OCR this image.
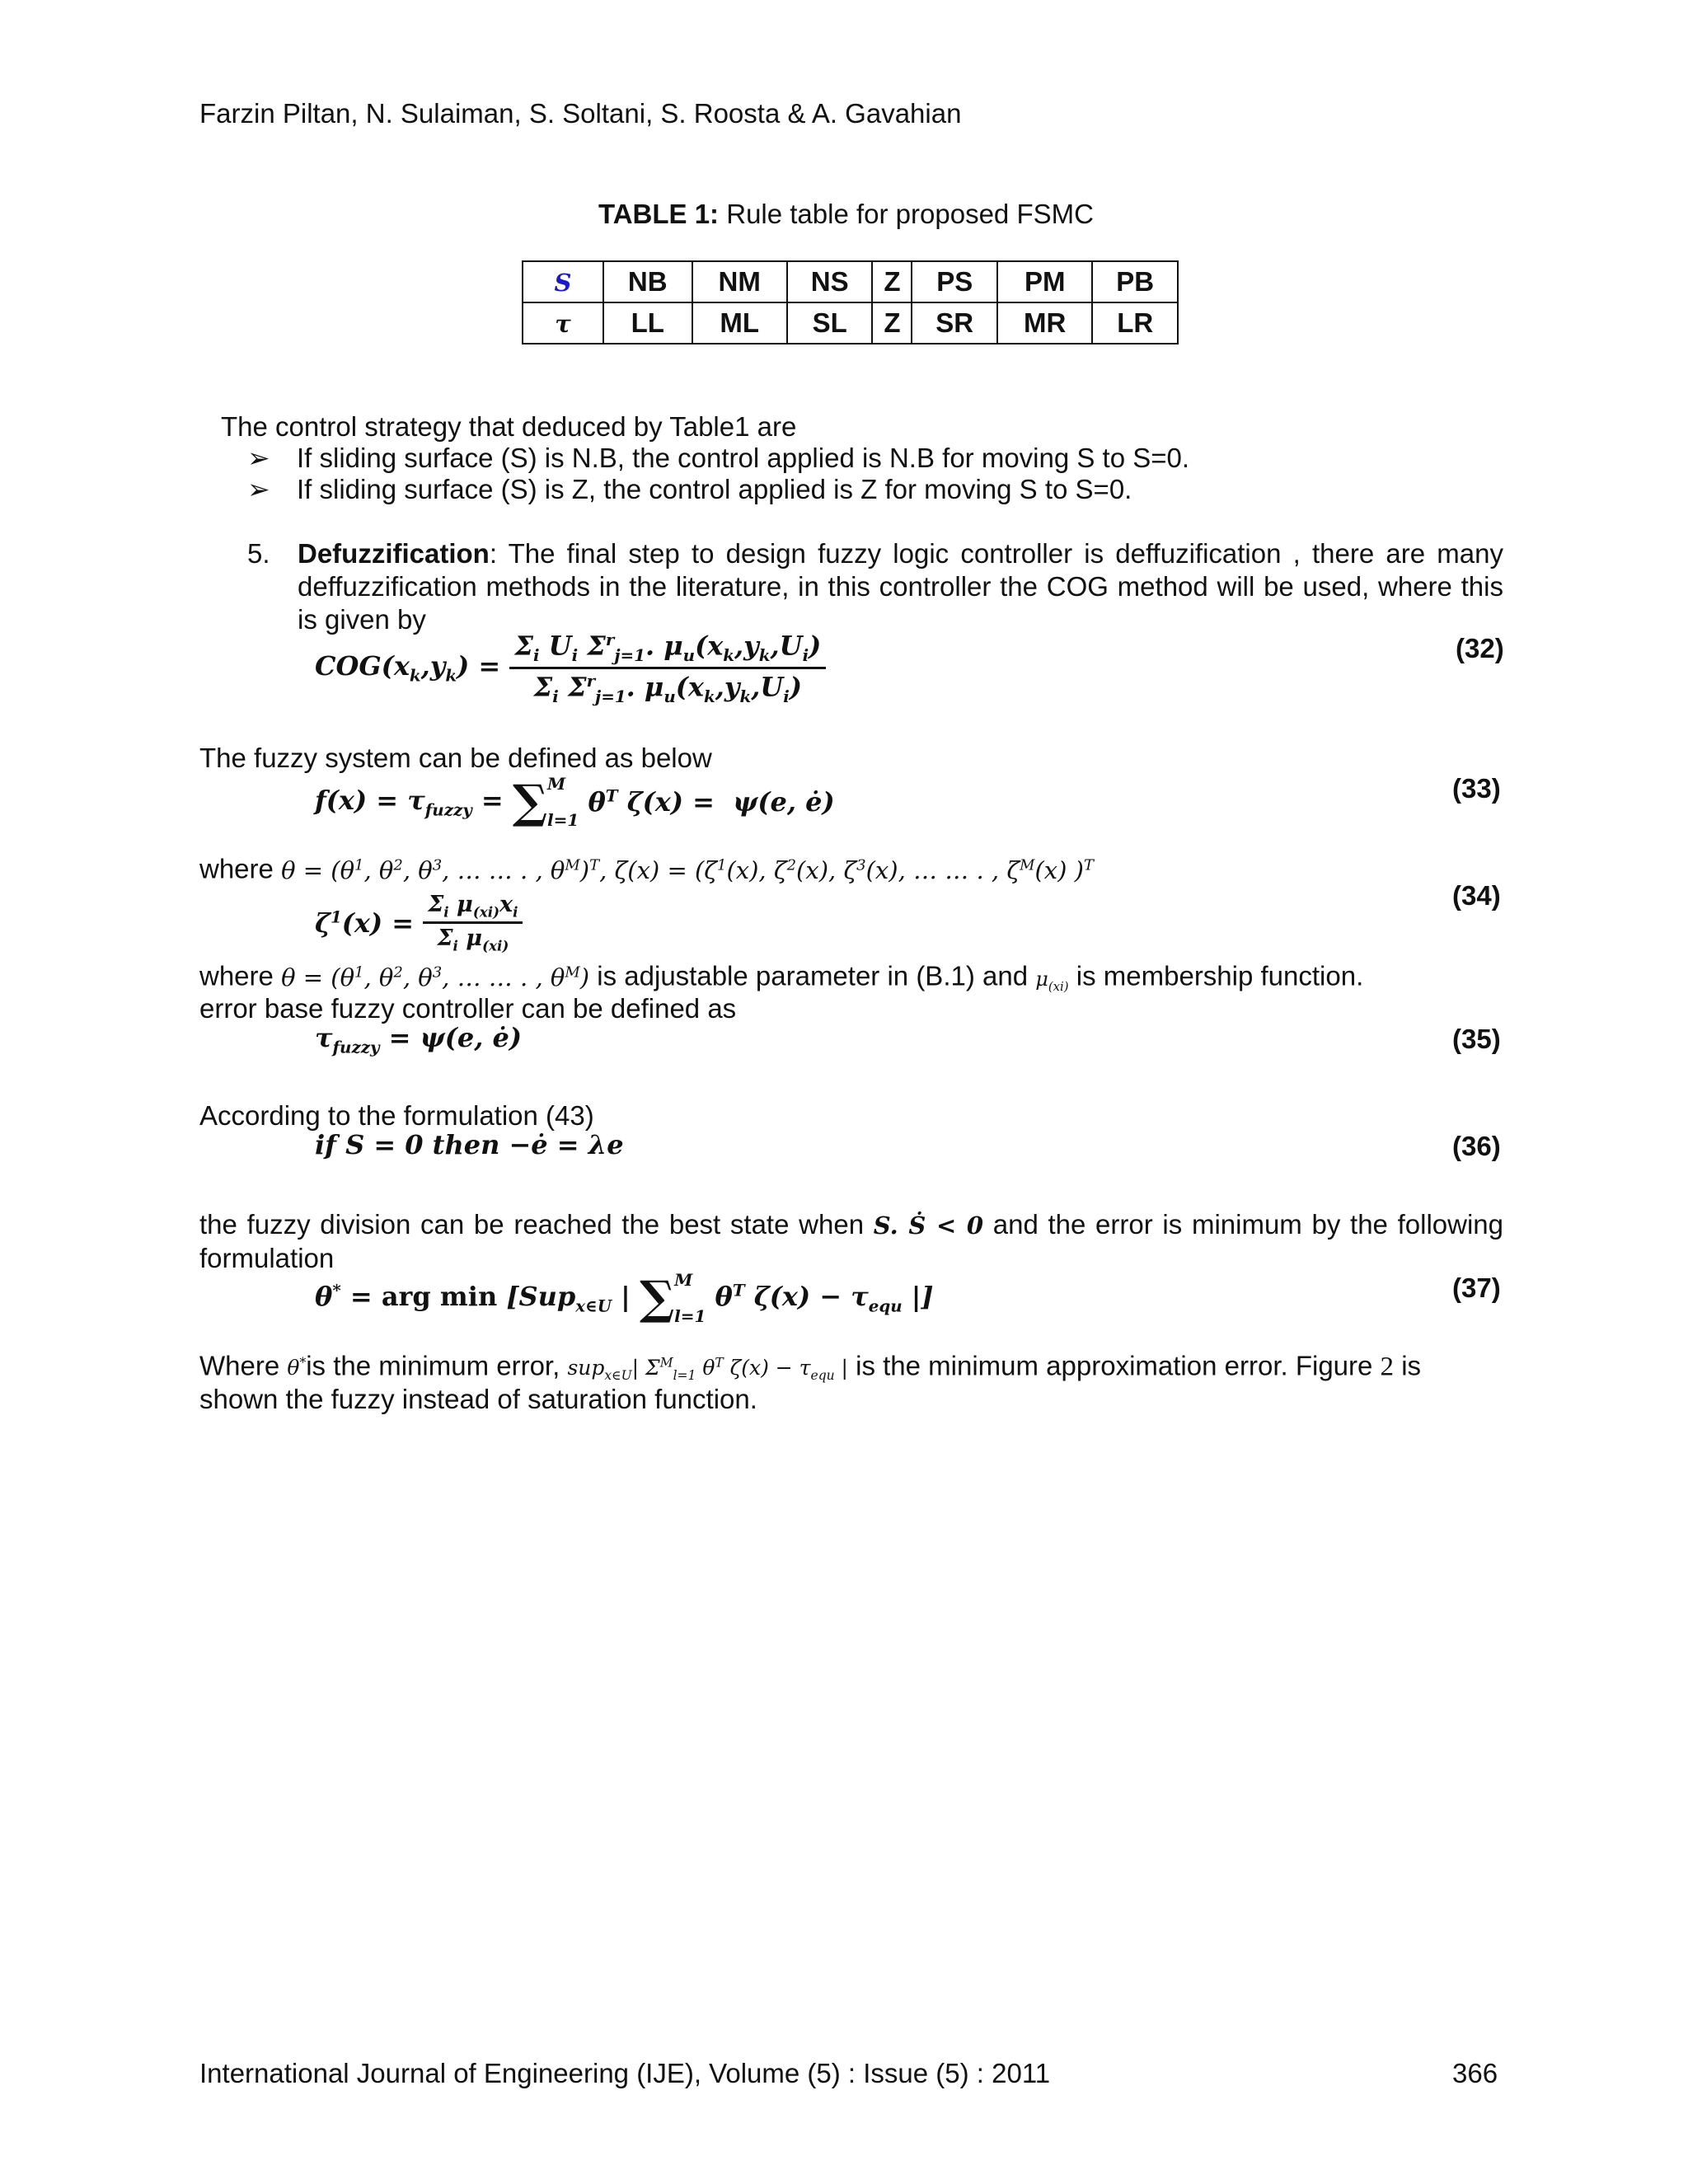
Farzin Piltan, N. Sulaiman, S. Soltani, S. Roosta & A. Gavahian
TABLE 1: Rule table for proposed FSMC
S	NB	NM	NS	Z	PS	PM	PB
τ	LL	ML	SL	Z	SR	MR	LR
The control strategy that deduced by Table1 are
➢ If sliding surface (S) is N.B, the control applied is N.B for moving S to S=0.
➢ If sliding surface (S) is Z, the control applied is Z for moving S to S=0.
5. Defuzzification: The final step to design fuzzy logic controller is deffuzification , there are many deffuzzification methods in the literature, in this controller the COG method will be used, where this is given by
$COG(x_k,y_k) = \frac{\Sigma_i U_i \Sigma^r_{j=1}. \mu_u(x_k,y_k,U_i)}{\Sigma_i \Sigma^r_{j=1}. \mu_u(x_k,y_k,U_i)}$	(32)
The fuzzy system can be defined as below
$f(x) = \tau_{fuzzy} = \sum M$

l=1 $\theta^T$ ζ(x) =  ψ(e, ė)	(33)
where $\theta = (\theta^1$, $\theta^2$, $\theta^3$, … … . , $\theta^M)^T$, $\zeta(x) = (\zeta^1(x)$, $\zeta^2(x)$, $\zeta^3(x)$, … … . , $\zeta^M(x)$ )$^T$
$\zeta^1(x) = \frac{\Sigma_i \mu_{(xi)}x_i}{\Sigma_i \mu_{(xi)}}$	(34)
where $\theta = (\theta^1$, $\theta^2$, $\theta^3$, … … . , $\theta^M$) is adjustable parameter in (B.1) and $\mu_{(xi)}$ is membership function.
error base fuzzy controller can be defined as
$\tau_{fuzzy} = \psi(e$, ė)	(35)
According to the formulation (43)
if S = 0 then −ė = λe	(36)
the fuzzy division can be reached the best state when S. Ṡ < 0 and the error is minimum by the following formulation
θ* = arg min [Sup$_{x\in U}$ | ∑M

l=1 $\theta^T$ $\zeta(x) - \tau_{equ}$ |]	(37)
Where θ*is the minimum error, sup$_{x\in U}$| $\Sigma^M_{l=1}$ $\theta^T$ $\zeta(x) - \tau_{equ}$ | is the minimum approximation error. Figure 2 is
shown the fuzzy instead of saturation function.
International Journal of Engineering (IJE), Volume (5) : Issue (5) : 2011	366
